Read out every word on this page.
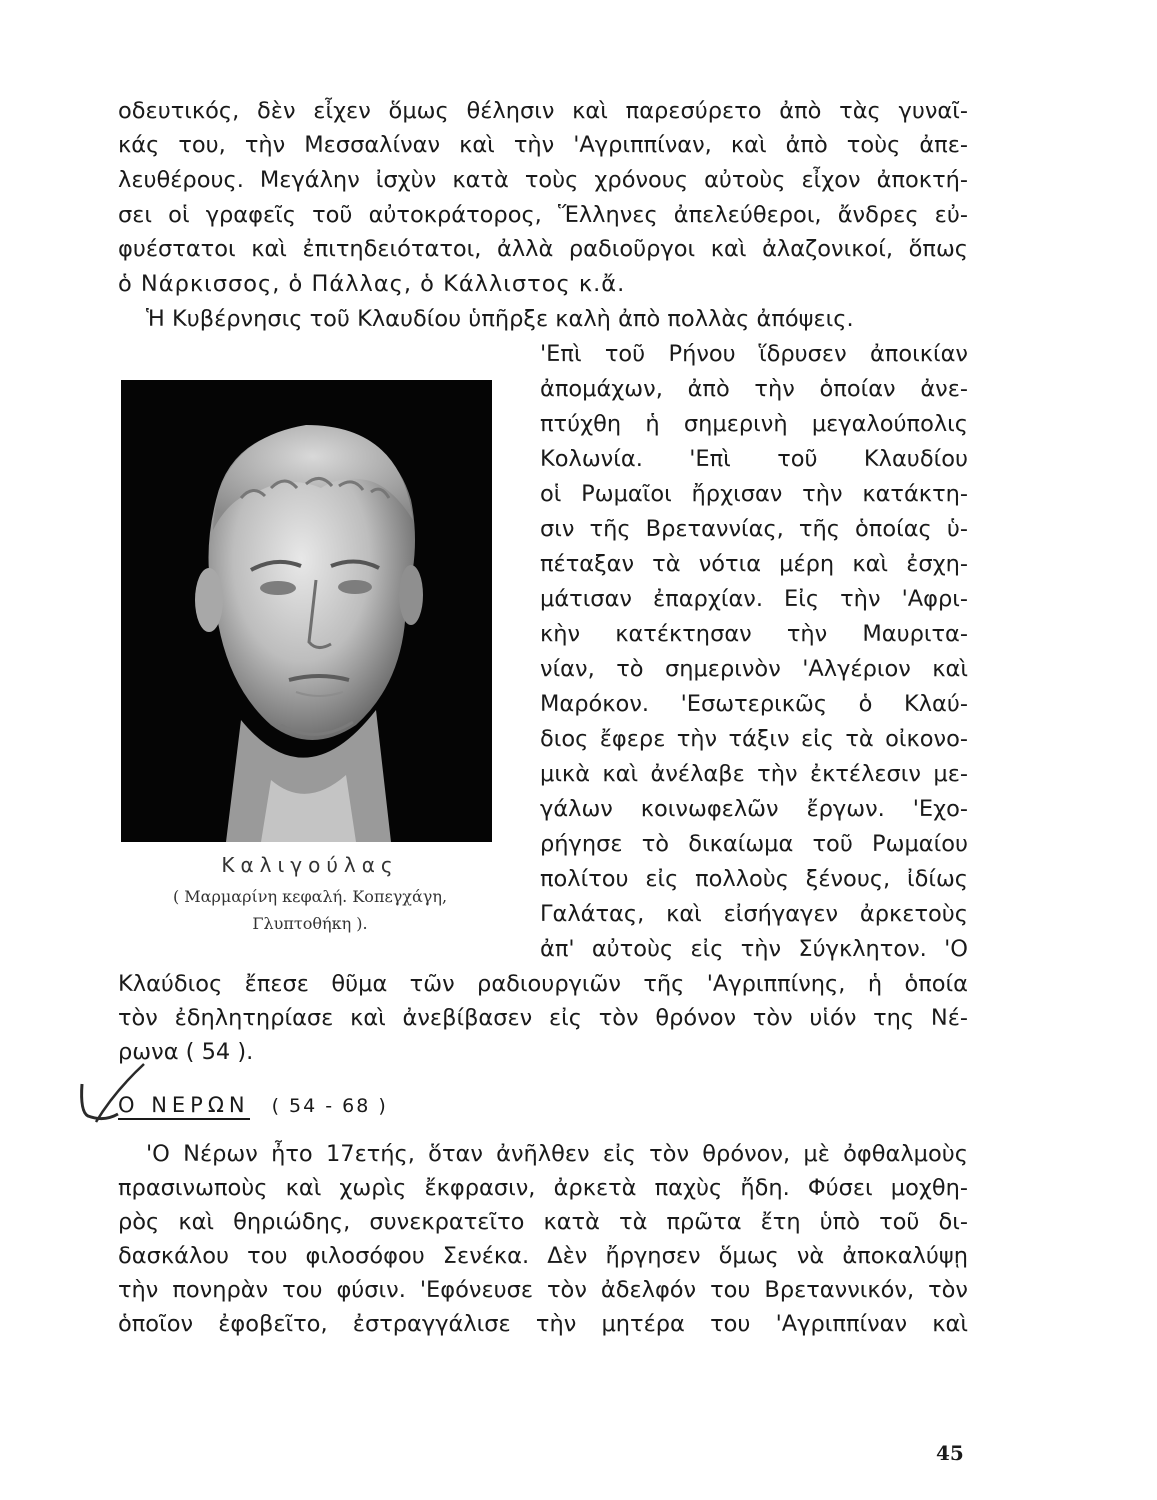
οδευτικός, δὲν εἶχεν ὅμως θέλησιν καὶ παρεσύρετο ἀπὸ τὰς γυναῖ-
κάς του, τὴν Μεσσαλίναν καὶ τὴν 'Αγριππίναν, καὶ ἀπὸ τοὺς ἀπε-
λευθέρους. Μεγάλην ἰσχὺν κατὰ τοὺς χρόνους αὐτοὺς εἶχον ἀποκτή-
σει οἱ γραφεῖς τοῦ αὐτοκράτορος, Ἕλληνες ἀπελεύθεροι, ἄνδρες εὐ-
φυέστατοι καὶ ἐπιτηδειότατοι, ἀλλὰ ραδιοῦργοι καὶ ἀλαζονικοί, ὅπως
ὁ Νάρκισσος, ὁ Πάλλας, ὁ Κάλλιστος κ.ἄ.
Ἡ Κυβέρνησις τοῦ Κλαυδίου ὑπῆρξε καλὴ ἀπὸ πολλὰς ἀπόψεις.
Καλιγούλας
( Μαρμαρίνη κεφαλή. Κοπεγχάγη,
Γλυπτοθήκη ).
'Επὶ τοῦ Ρήνου ἵδρυσεν ἀποικίαν
ἀπομάχων, ἀπὸ τὴν ὁποίαν ἀνε-
πτύχθη ἡ σημερινὴ μεγαλούπολις
Κολωνία. 'Επὶ τοῦ Κλαυδίου
οἱ Ρωμαῖοι ἤρχισαν τὴν κατάκτη-
σιν τῆς Βρεταννίας, τῆς ὁποίας ὑ-
πέταξαν τὰ νότια μέρη καὶ ἐσχη-
μάτισαν ἐπαρχίαν. Εἰς τὴν 'Αφρι-
κὴν κατέκτησαν τὴν Μαυριτα-
νίαν, τὸ σημερινὸν 'Αλγέριον καὶ
Μαρόκον. 'Εσωτερικῶς ὁ Κλαύ-
διος ἔφερε τὴν τάξιν εἰς τὰ οἰκονο-
μικὰ καὶ ἀνέλαβε τὴν ἐκτέλεσιν με-
γάλων κοινωφελῶν ἔργων. 'Εχο-
ρήγησε τὸ δικαίωμα τοῦ Ρωμαίου
πολίτου εἰς πολλοὺς ξένους, ἰδίως
Γαλάτας, καὶ εἰσήγαγεν ἀρκετοὺς
ἀπ' αὐτοὺς εἰς τὴν Σύγκλητον. 'Ο
Κλαύδιος ἔπεσε θῦμα τῶν ραδιουργιῶν τῆς 'Αγριππίνης, ἡ ὁποία
τὸν ἐδηλητηρίασε καὶ ἀνεβίβασεν εἰς τὸν θρόνον τὸν υἱόν της Νέ-
ρωνα ( 54 ).
Ο ΝΕΡΩΝ ( 54 - 68 )
'Ο Νέρων ἦτο 17ετής, ὅταν ἀνῆλθεν εἰς τὸν θρόνον, μὲ ὀφθαλμοὺς
πρασινωποὺς καὶ χωρὶς ἔκφρασιν, ἀρκετὰ παχὺς ἤδη. Φύσει μοχθη-
ρὸς καὶ θηριώδης, συνεκρατεῖτο κατὰ τὰ πρῶτα ἔτη ὑπὸ τοῦ δι-
δασκάλου του φιλοσόφου Σενέκα. Δὲν ἤργησεν ὅμως νὰ ἀποκαλύψῃ
τὴν πονηρὰν του φύσιν. 'Εφόνευσε τὸν ἀδελφόν του Βρεταννικόν, τὸν
ὁποῖον ἐφοβεῖτο, ἐστραγγάλισε τὴν μητέρα του 'Αγριππίναν καὶ
45
